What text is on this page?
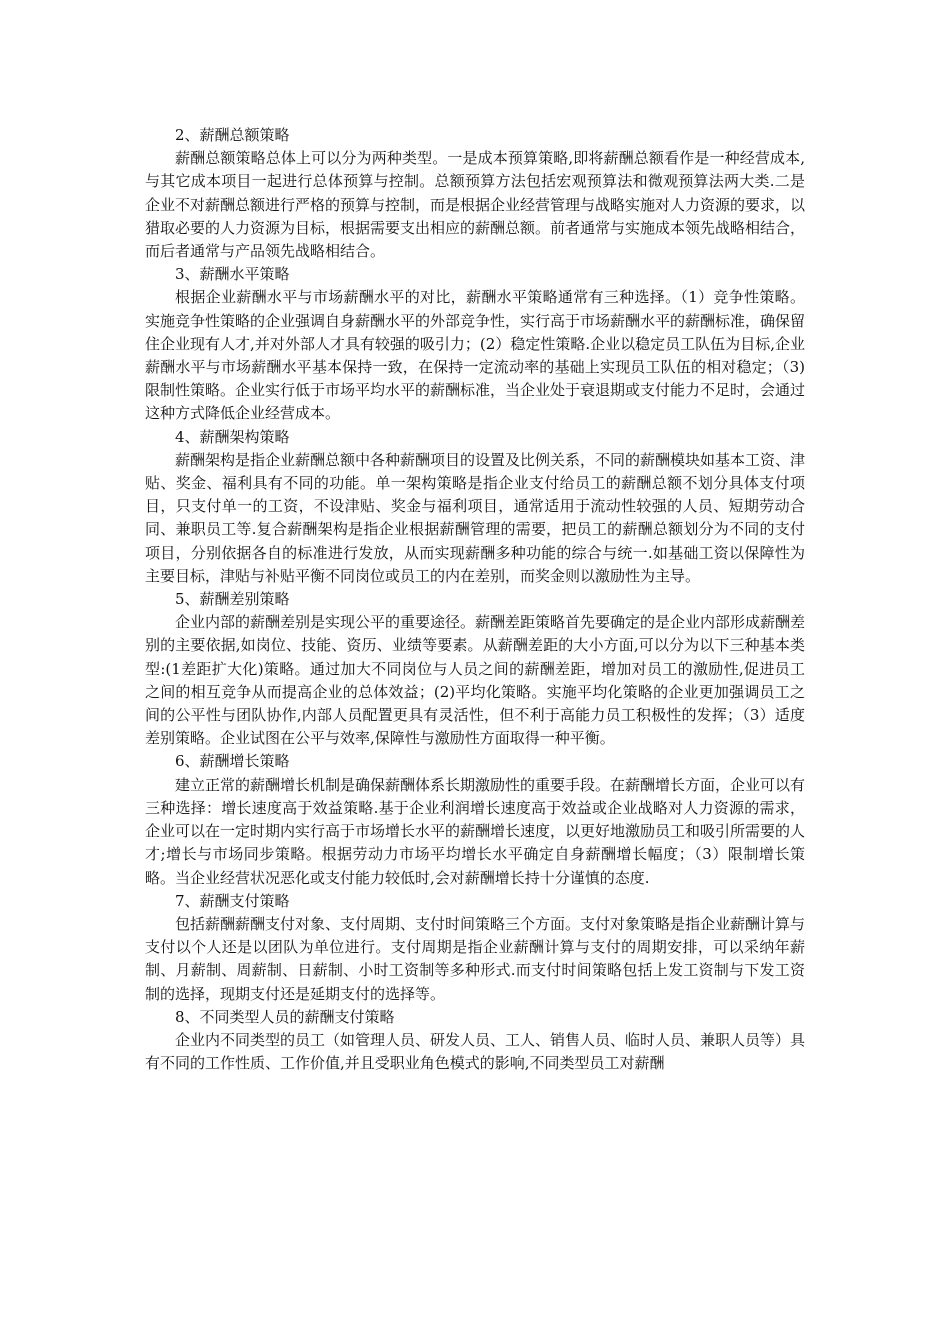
2、薪酬总额策略

薪酬总额策略总体上可以分为两种类型。一是成本预算策略,即将薪酬总额看作是一种经营成本,与其它成本项目一起进行总体预算与控制。总额预算方法包括宏观预算法和微观预算法两大类.二是企业不对薪酬总额进行严格的预算与控制，而是根据企业经营管理与战略实施对人力资源的要求，以猎取必要的人力资源为目标，根据需要支出相应的薪酬总额。前者通常与实施成本领先战略相结合，而后者通常与产品领先战略相结合。

3、薪酬水平策略

根据企业薪酬水平与市场薪酬水平的对比，薪酬水平策略通常有三种选择。（1）竞争性策略。实施竞争性策略的企业强调自身薪酬水平的外部竞争性，实行高于市场薪酬水平的薪酬标准，确保留住企业现有人才,并对外部人才具有较强的吸引力；(2）稳定性策略.企业以稳定员工队伍为目标,企业薪酬水平与市场薪酬水平基本保持一致，在保持一定流动率的基础上实现员工队伍的相对稳定；（3)限制性策略。企业实行低于市场平均水平的薪酬标准，当企业处于衰退期或支付能力不足时，会通过这种方式降低企业经营成本。

4、薪酬架构策略

薪酬架构是指企业薪酬总额中各种薪酬项目的设置及比例关系，不同的薪酬模块如基本工资、津贴、奖金、福利具有不同的功能。单一架构策略是指企业支付给员工的薪酬总额不划分具体支付项目，只支付单一的工资，不设津贴、奖金与福利项目，通常适用于流动性较强的人员、短期劳动合同、兼职员工等.复合薪酬架构是指企业根据薪酬管理的需要，把员工的薪酬总额划分为不同的支付项目，分别依据各自的标准进行发放，从而实现薪酬多种功能的综合与统一.如基础工资以保障性为主要目标，津贴与补贴平衡不同岗位或员工的内在差别，而奖金则以激励性为主导。

5、薪酬差别策略

企业内部的薪酬差别是实现公平的重要途径。薪酬差距策略首先要确定的是企业内部形成薪酬差别的主要依据,如岗位、技能、资历、业绩等要素。从薪酬差距的大小方面,可以分为以下三种基本类型:(1差距扩大化)策略。通过加大不同岗位与人员之间的薪酬差距，增加对员工的激励性,促进员工之间的相互竞争从而提高企业的总体效益；(2)平均化策略。实施平均化策略的企业更加强调员工之间的公平性与团队协作,内部人员配置更具有灵活性，但不利于高能力员工积极性的发挥；（3）适度差别策略。企业试图在公平与效率,保障性与激励性方面取得一种平衡。

6、薪酬增长策略

建立正常的薪酬增长机制是确保薪酬体系长期激励性的重要手段。在薪酬增长方面，企业可以有三种选择：增长速度高于效益策略.基于企业利润增长速度高于效益或企业战略对人力资源的需求，企业可以在一定时期内实行高于市场增长水平的薪酬增长速度，以更好地激励员工和吸引所需要的人才;增长与市场同步策略。根据劳动力市场平均增长水平确定自身薪酬增长幅度；（3）限制增长策略。当企业经营状况恶化或支付能力较低时,会对薪酬增长持十分谨慎的态度.

7、薪酬支付策略

包括薪酬薪酬支付对象、支付周期、支付时间策略三个方面。支付对象策略是指企业薪酬计算与支付以个人还是以团队为单位进行。支付周期是指企业薪酬计算与支付的周期安排，可以采纳年薪制、月薪制、周薪制、日薪制、小时工资制等多种形式.而支付时间策略包括上发工资制与下发工资制的选择，现期支付还是延期支付的选择等。

8、不同类型人员的薪酬支付策略

企业内不同类型的员工（如管理人员、研发人员、工人、销售人员、临时人员、兼职人员等）具有不同的工作性质、工作价值,并且受职业角色模式的影响,不同类型员工对薪酬
